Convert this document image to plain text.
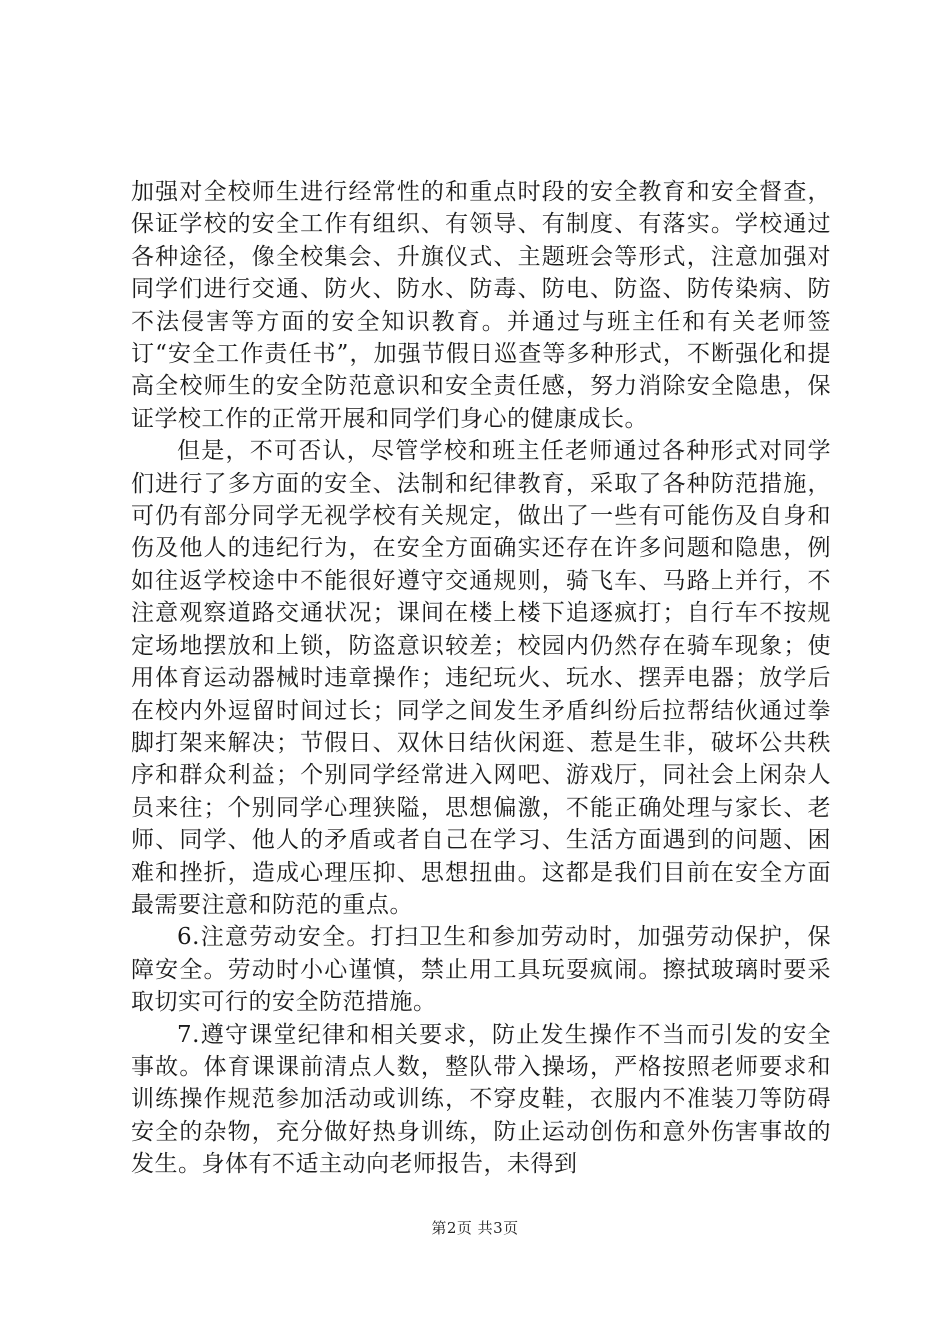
加强对全校师生进行经常性的和重点时段的安全教育和安全督查，保证学校的安全工作有组织、有领导、有制度、有落实。学校通过各种途径，像全校集会、升旗仪式、主题班会等形式，注意加强对同学们进行交通、防火、防水、防毒、防电、防盗、防传染病、防不法侵害等方面的安全知识教育。并通过与班主任和有关老师签订“安全工作责任书”，加强节假日巡查等多种形式，不断强化和提高全校师生的安全防范意识和安全责任感，努力消除安全隐患，保证学校工作的正常开展和同学们身心的健康成长。

但是，不可否认，尽管学校和班主任老师通过各种形式对同学们进行了多方面的安全、法制和纪律教育，采取了各种防范措施，可仍有部分同学无视学校有关规定，做出了一些有可能伤及自身和伤及他人的违纪行为，在安全方面确实还存在许多问题和隐患，例如往返学校途中不能很好遵守交通规则，骑飞车、马路上并行，不注意观察道路交通状况；课间在楼上楼下追逐疯打；自行车不按规定场地摆放和上锁，防盗意识较差；校园内仍然存在骑车现象；使用体育运动器械时违章操作；违纪玩火、玩水、摆弄电器；放学后在校内外逗留时间过长；同学之间发生矛盾纠纷后拉帮结伙通过拳脚打架来解决；节假日、双休日结伙闲逛、惹是生非，破坏公共秩序和群众利益；个别同学经常进入网吧、游戏厅，同社会上闲杂人员来往；个别同学心理狭隘，思想偏激，不能正确处理与家长、老师、同学、他人的矛盾或者自己在学习、生活方面遇到的问题、困难和挫折，造成心理压抑、思想扭曲。这都是我们目前在安全方面最需要注意和防范的重点。

6.注意劳动安全。打扫卫生和参加劳动时，加强劳动保护，保障安全。劳动时小心谨慎，禁止用工具玩耍疯闹。擦拭玻璃时要采取切实可行的安全防范措施。

7.遵守课堂纪律和相关要求，防止发生操作不当而引发的安全事故。体育课课前清点人数，整队带入操场，严格按照老师要求和训练操作规范参加活动或训练，不穿皮鞋，衣服内不准装刀等防碍安全的杂物，充分做好热身训练，防止运动创伤和意外伤害事故的发生。身体有不适主动向老师报告，未得到

第2页 共3页
